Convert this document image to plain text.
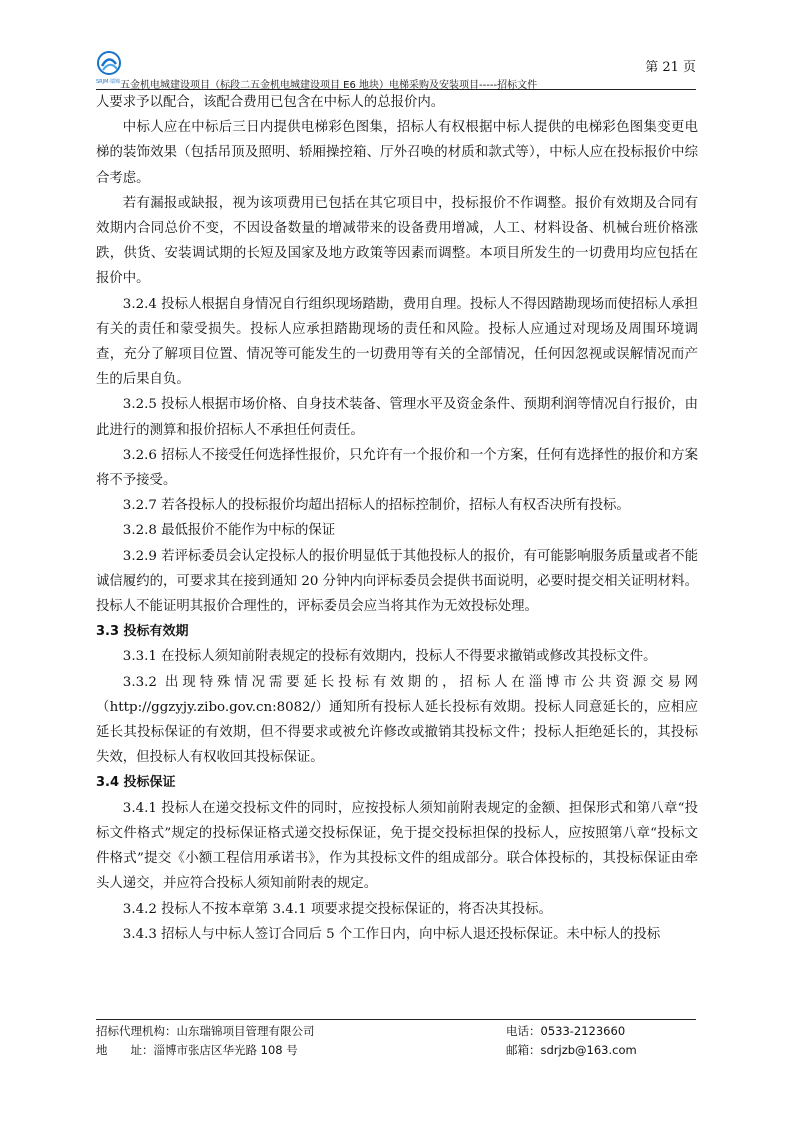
SRJM·瑞锦
第 21 页
五金机电城建设项目（标段二五金机电城建设项目 E6 地块）电梯采购及安装项目-----招标文件

人要求予以配合，该配合费用已包含在中标人的总报价内。

中标人应在中标后三日内提供电梯彩色图集，招标人有权根据中标人提供的电梯彩色图集变更电梯的装饰效果（包括吊顶及照明、轿厢操控箱、厅外召唤的材质和款式等），中标人应在投标报价中综合考虑。

若有漏报或缺报，视为该项费用已包括在其它项目中，投标报价不作调整。报价有效期及合同有效期内合同总价不变，不因设备数量的增减带来的设备费用增减，人工、材料设备、机械台班价格涨跌，供货、安装调试期的长短及国家及地方政策等因素而调整。本项目所发生的一切费用均应包括在报价中。

3.2.4 投标人根据自身情况自行组织现场踏勘，费用自理。投标人不得因踏勘现场而使招标人承担有关的责任和蒙受损失。投标人应承担踏勘现场的责任和风险。投标人应通过对现场及周围环境调查，充分了解项目位置、情况等可能发生的一切费用等有关的全部情况，任何因忽视或误解情况而产生的后果自负。

3.2.5 投标人根据市场价格、自身技术装备、管理水平及资金条件、预期利润等情况自行报价，由此进行的测算和报价招标人不承担任何责任。

3.2.6 招标人不接受任何选择性报价，只允许有一个报价和一个方案，任何有选择性的报价和方案将不予接受。

3.2.7 若各投标人的投标报价均超出招标人的招标控制价，招标人有权否决所有投标。

3.2.8 最低报价不能作为中标的保证

3.2.9 若评标委员会认定投标人的报价明显低于其他投标人的报价，有可能影响服务质量或者不能诚信履约的，可要求其在接到通知 20 分钟内向评标委员会提供书面说明，必要时提交相关证明材料。投标人不能证明其报价合理性的，评标委员会应当将其作为无效投标处理。

3.3 投标有效期

3.3.1 在投标人须知前附表规定的投标有效期内，投标人不得要求撤销或修改其投标文件。

3.3.2 出现特殊情况需要延长投标有效期的，招标人在淄博市公共资源交易网（http://ggzyjy.zibo.gov.cn:8082/）通知所有投标人延长投标有效期。投标人同意延长的，应相应延长其投标保证的有效期，但不得要求或被允许修改或撤销其投标文件；投标人拒绝延长的，其投标失效，但投标人有权收回其投标保证。

3.4 投标保证

3.4.1 投标人在递交投标文件的同时，应按投标人须知前附表规定的金额、担保形式和第八章“投标文件格式”规定的投标保证格式递交投标保证，免于提交投标担保的投标人，应按照第八章“投标文件格式”提交《小额工程信用承诺书》，作为其投标文件的组成部分。联合体投标的，其投标保证由牵头人递交，并应符合投标人须知前附表的规定。

3.4.2 投标人不按本章第 3.4.1 项要求提交投标保证的，将否决其投标。

3.4.3 招标人与中标人签订合同后 5 个工作日内，向中标人退还投标保证。未中标人的投标

招标代理机构：山东瑞锦项目管理有限公司	电话：0533-2123660
地　　址：淄博市张店区华光路 108 号	邮箱：sdrjzb@163.com
